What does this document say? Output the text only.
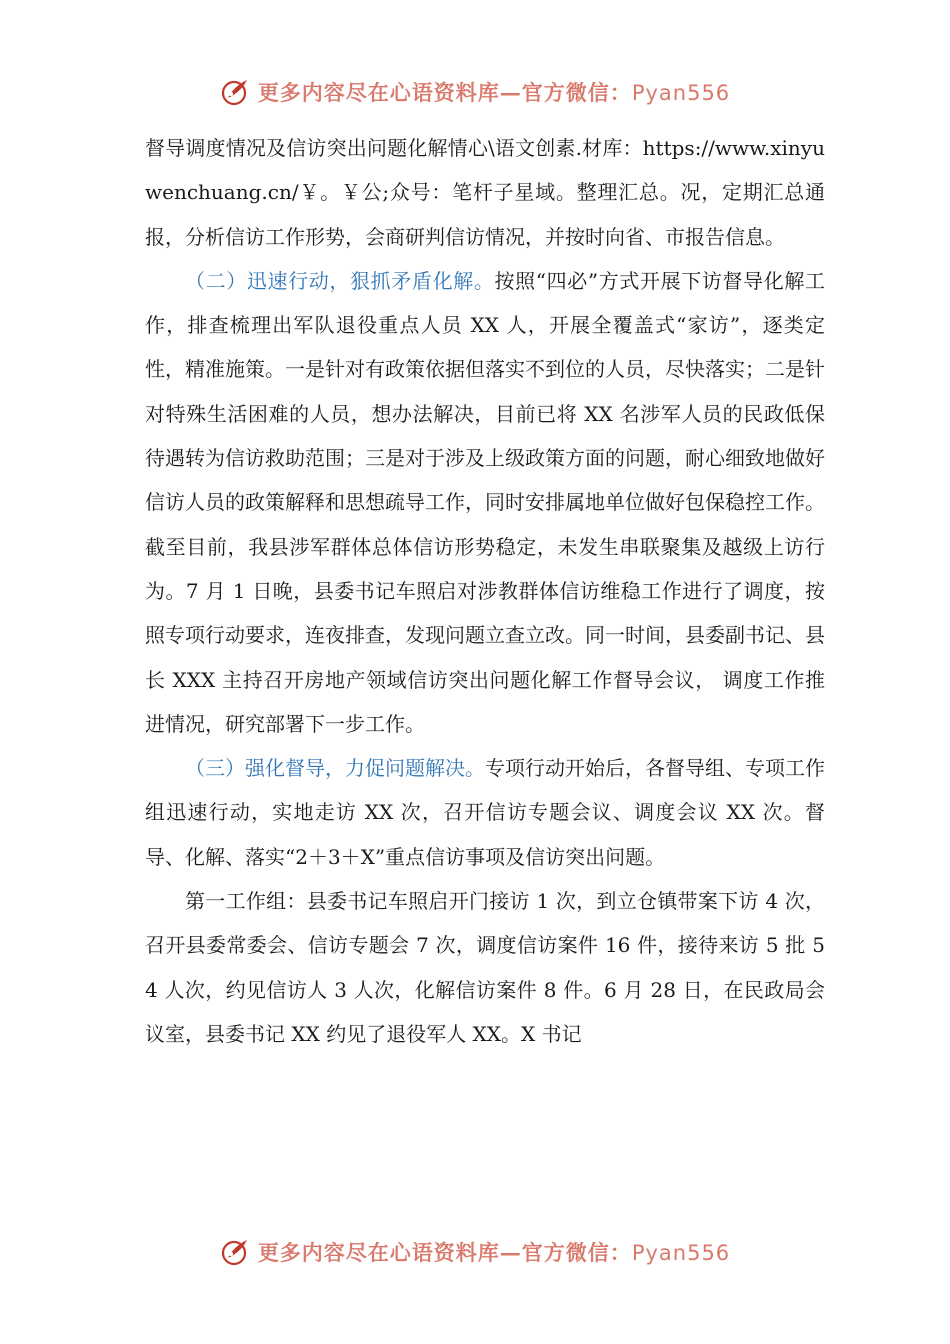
更多内容尽在心语资料库—官方微信：Pyan556

督导调度情况及信访突出问题化解情心\语文创素.材库：https://www.xinyuwenchuang.cn/￥。￥公;众号：笔杆子星域。整理汇总。况，定期汇总通报，分析信访工作形势，会商研判信访情况，并按时向省、市报告信息。

（二）迅速行动，狠抓矛盾化解。按照“四必”方式开展下访督导化解工作，排查梳理出军队退役重点人员 XX 人，开展全覆盖式“家访”，逐类定性，精准施策。一是针对有政策依据但落实不到位的人员，尽快落实；二是针对特殊生活困难的人员，想办法解决，目前已将 XX 名涉军人员的民政低保待遇转为信访救助范围；三是对于涉及上级政策方面的问题，耐心细致地做好信访人员的政策解释和思想疏导工作，同时安排属地单位做好包保稳控工作。截至目前，我县涉军群体总体信访形势稳定，未发生串联聚集及越级上访行为。7 月 1 日晚，县委书记车照启对涉教群体信访维稳工作进行了调度，按照专项行动要求，连夜排查，发现问题立查立改。同一时间，县委副书记、县长 XXX 主持召开房地产领域信访突出问题化解工作督导会议， 调度工作推进情况，研究部署下一步工作。

（三）强化督导，力促问题解决。专项行动开始后，各督导组、专项工作组迅速行动，实地走访 XX 次，召开信访专题会议、调度会议 XX 次。督导、化解、落实“2＋3＋X”重点信访事项及信访突出问题。

第一工作组：县委书记车照启开门接访 1 次，到立仓镇带案下访 4 次，召开县委常委会、信访专题会 7 次，调度信访案件 16 件，接待来访 5 批 54 人次，约见信访人 3 人次，化解信访案件 8 件。6 月 28 日，在民政局会议室，县委书记 XX 约见了退役军人 XX。X 书记

更多内容尽在心语资料库—官方微信：Pyan556
